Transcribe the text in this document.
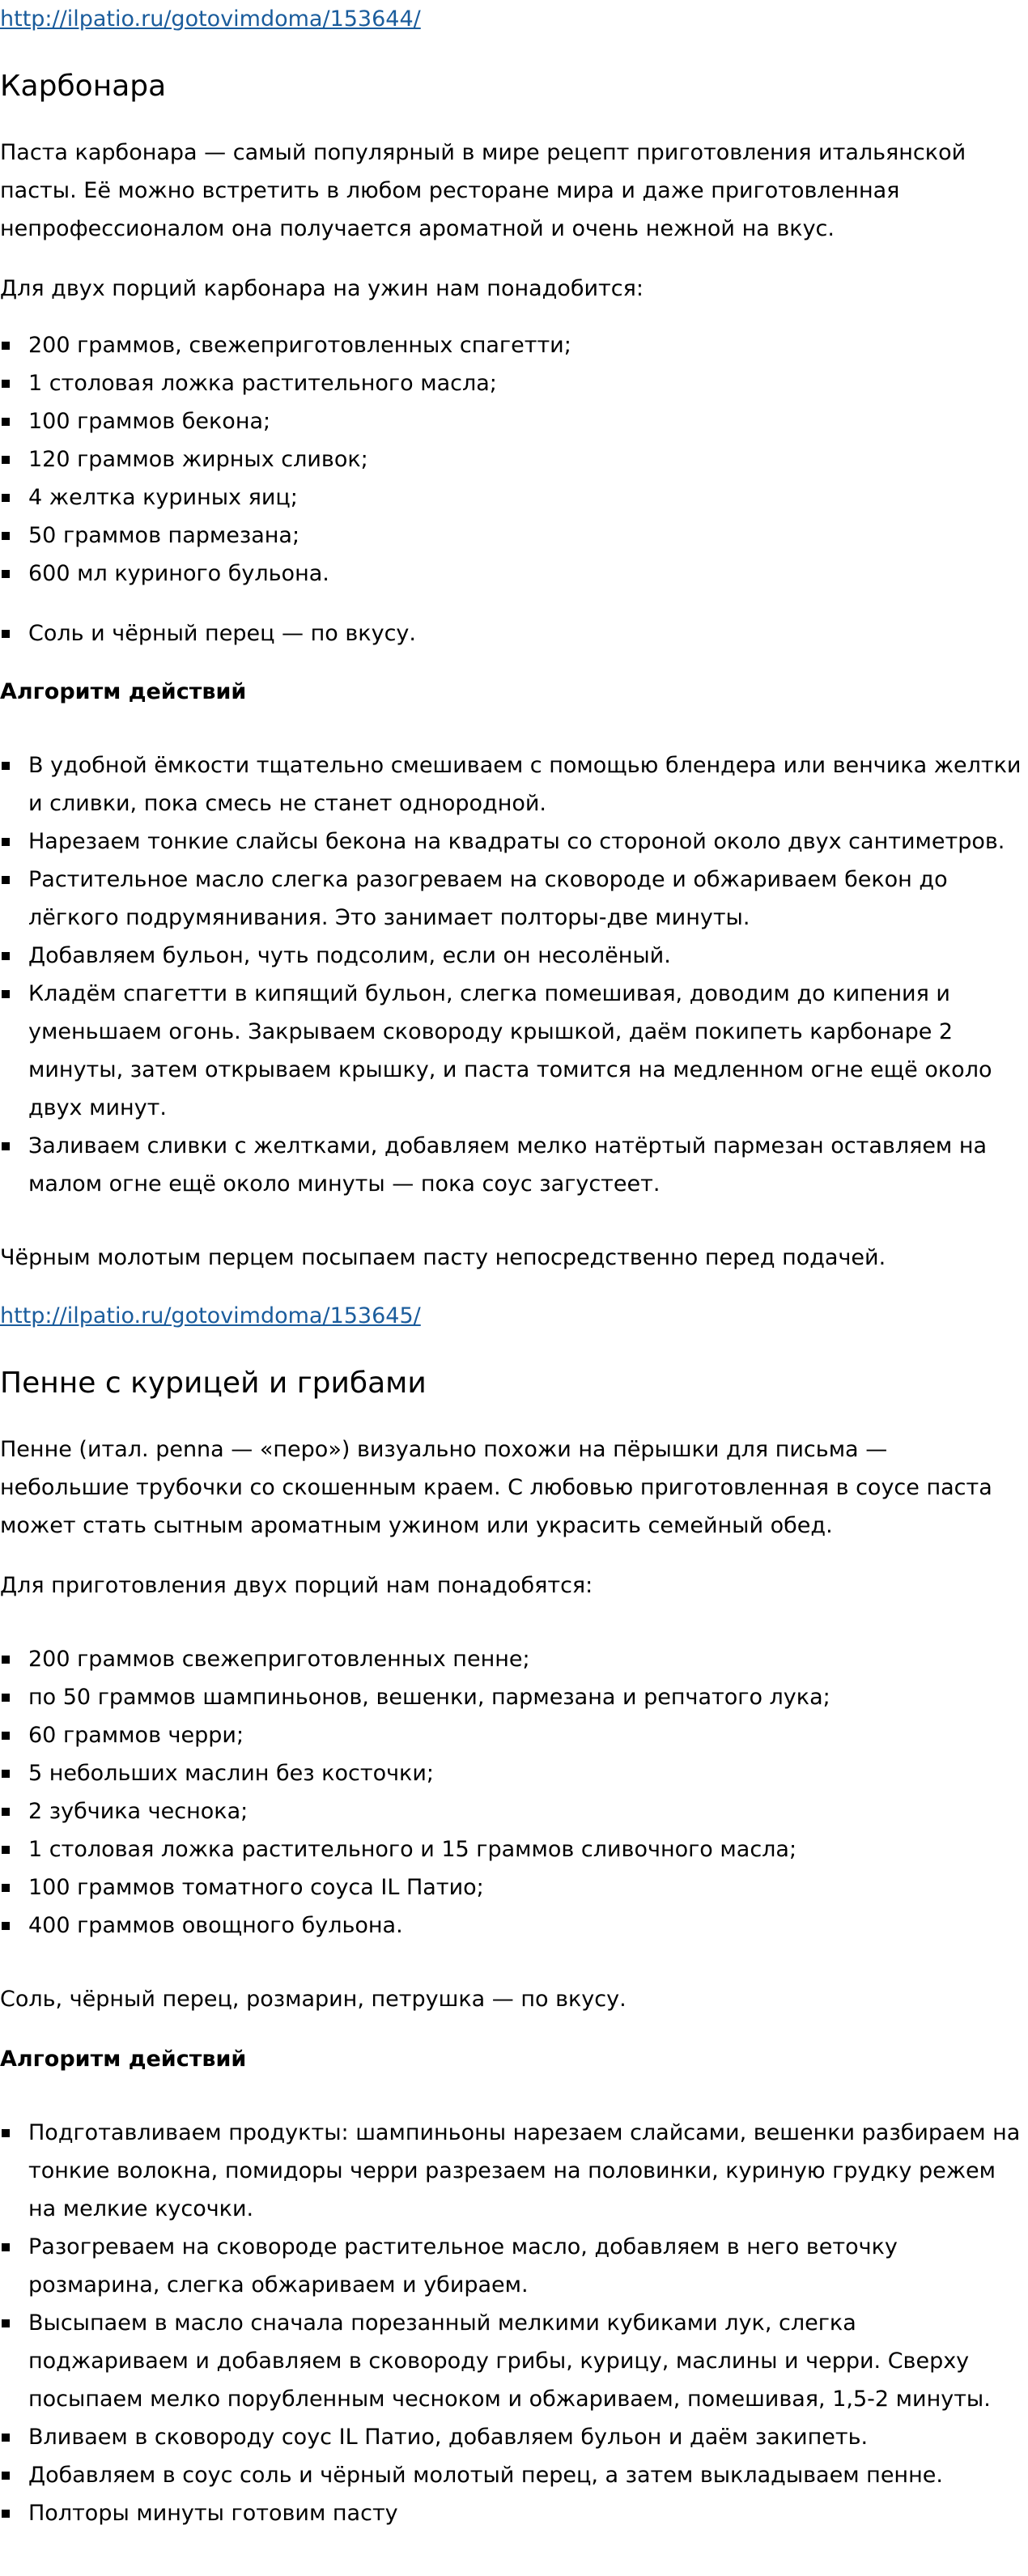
http://ilpatio.ru/gotovimdoma/153644/
Карбонара

Паста карбонара — самый популярный в мире рецепт приготовления итальянской пасты. Её можно встретить в любом ресторане мира и даже приготовленная непрофессионалом она получается ароматной и очень нежной на вкус.

Для двух порций карбонара на ужин нам понадобится:

200 граммов, свежеприготовленных спагетти;
1 столовая ложка растительного масла;
100 граммов бекона;
120 граммов жирных сливок;
4 желтка куриных яиц;
50 граммов пармезана;
600 мл куриного бульона.
Соль и чёрный перец — по вкусу.

Алгоритм действий

В удобной ёмкости тщательно смешиваем с помощью блендера или венчика желтки и сливки, пока смесь не станет однородной.
Нарезаем тонкие слайсы бекона на квадраты со стороной около двух сантиметров.
Растительное масло слегка разогреваем на сковороде и обжариваем бекон до лёгкого подрумянивания. Это занимает полторы-две минуты.
Добавляем бульон, чуть подсолим, если он несолёный.
Кладём спагетти в кипящий бульон, слегка помешивая, доводим до кипения и уменьшаем огонь. Закрываем сковороду крышкой, даём покипеть карбонаре 2 минуты, затем открываем крышку, и паста томится на медленном огне ещё около двух минут.
Заливаем сливки с желтками, добавляем мелко натёртый пармезан оставляем на малом огне ещё около минуты — пока соус загустеет.

Чёрным молотым перцем посыпаем пасту непосредственно перед подачей.

http://ilpatio.ru/gotovimdoma/153645/
Пенне с курицей и грибами

Пенне (итал. penna — «перо») визуально похожи на пёрышки для письма — небольшие трубочки со скошенным краем. С любовью приготовленная в соусе паста может стать сытным ароматным ужином или украсить семейный обед.

Для приготовления двух порций нам понадобятся:

200 граммов свежеприготовленных пенне;
по 50 граммов шампиньонов, вешенки, пармезана и репчатого лука;
60 граммов черри;
5 небольших маслин без косточки;
2 зубчика чеснока;
1 столовая ложка растительного и 15 граммов сливочного масла;
100 граммов томатного соуса IL Патио;
400 граммов овощного бульона.

Соль, чёрный перец, розмарин, петрушка — по вкусу.

Алгоритм действий

Подготавливаем продукты: шампиньоны нарезаем слайсами, вешенки разбираем на тонкие волокна, помидоры черри разрезаем на половинки, куриную грудку режем на мелкие кусочки.
Разогреваем на сковороде растительное масло, добавляем в него веточку розмарина, слегка обжариваем и убираем.
Высыпаем в масло сначала порезанный мелкими кубиками лук, слегка поджариваем и добавляем в сковороду грибы, курицу, маслины и черри. Сверху посыпаем мелко порубленным чесноком и обжариваем, помешивая, 1,5-2 минуты.
Вливаем в сковороду соус IL Патио, добавляем бульон и даём закипеть.
Добавляем в соус соль и чёрный молотый перец, а затем выкладываем пенне.
Полторы минуты готовим пасту
